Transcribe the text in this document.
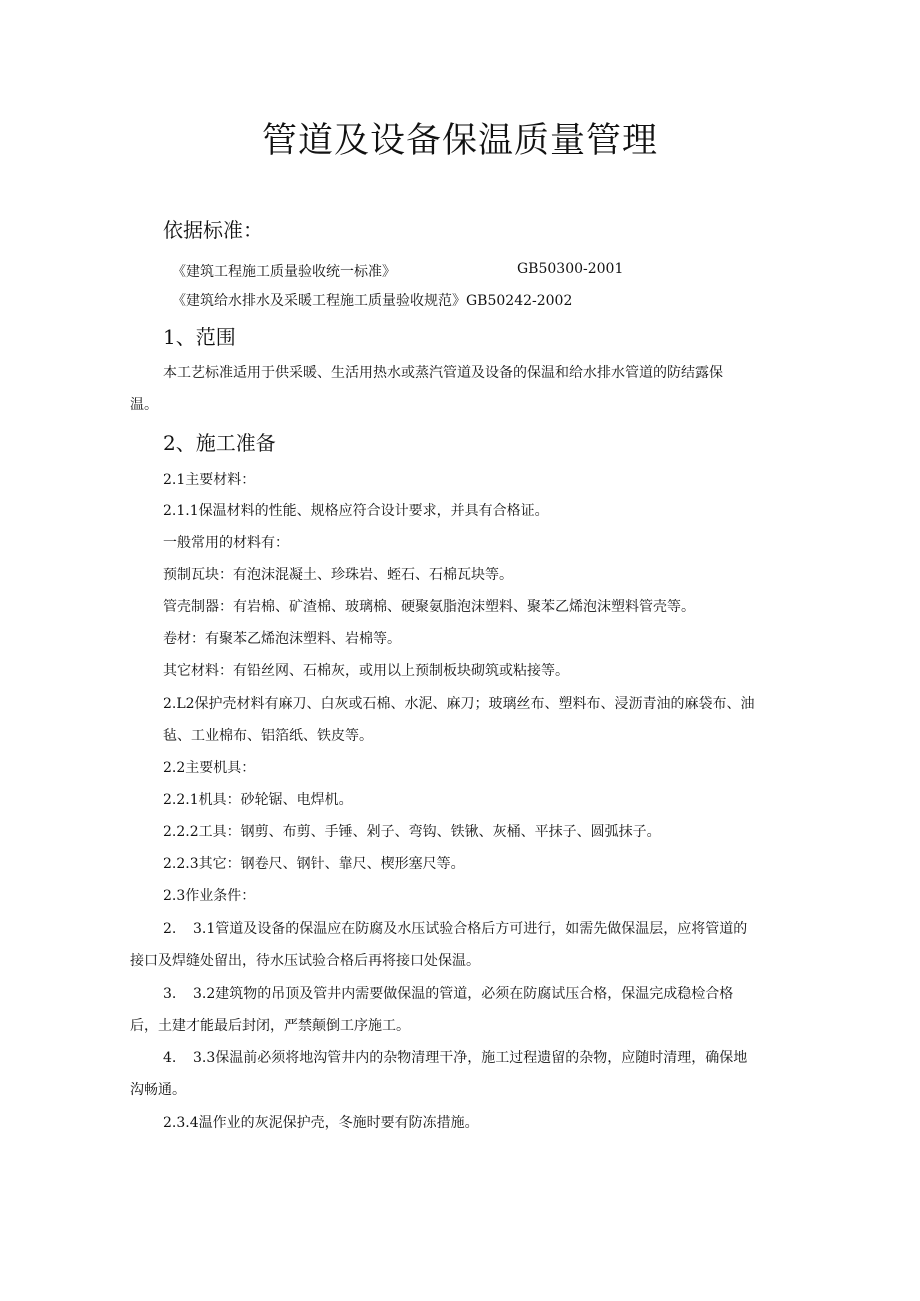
管道及设备保温质量管理
依据标准：

《建筑工程施工质量验收统一标准》	GB50300-2001

《建筑给水排水及采暖工程施工质量验收规范》GB50242-2002

1、范围

本工艺标准适用于供采暖、生活用热水或蒸汽管道及设备的保温和给水排水管道的防结露保

温。

2、施工准备

2.1主要材料：

2.1.1保温材料的性能、规格应符合设计要求，并具有合格证。

一般常用的材料有：

预制瓦块：有泡沫混凝土、珍珠岩、蛭石、石棉瓦块等。

管壳制器：有岩棉、矿渣棉、玻璃棉、硬聚氨脂泡沫塑料、聚苯乙烯泡沫塑料管壳等。

卷材：有聚苯乙烯泡沫塑料、岩棉等。

其它材料：有铅丝网、石棉灰，或用以上预制板块砌筑或粘接等。

2.L2保护壳材料有麻刀、白灰或石棉、水泥、麻刀；玻璃丝布、塑料布、浸沥青油的麻袋布、油

毡、工业棉布、铝箔纸、铁皮等。

2.2主要机具：

2.2.1机具：砂轮锯、电焊机。

2.2.2工具：钢剪、布剪、手锤、剁子、弯钩、铁锹、灰桶、平抹子、圆弧抹子。

2.2.3其它：钢卷尺、钢针、靠尺、楔形塞尺等。

2.3作业条件：

2. 3.1管道及设备的保温应在防腐及水压试验合格后方可进行，如需先做保温层，应将管道的

接口及焊缝处留出，待水压试验合格后再将接口处保温。

3. 3.2建筑物的吊顶及管井内需要做保温的管道，必须在防腐试压合格，保温完成稳检合格

后，土建才能最后封闭，严禁颠倒工序施工。

4. 3.3保温前必须将地沟管井内的杂物清理干净，施工过程遗留的杂物，应随时清理，确保地

沟畅通。

2.3.4温作业的灰泥保护壳，冬施时要有防冻措施。
